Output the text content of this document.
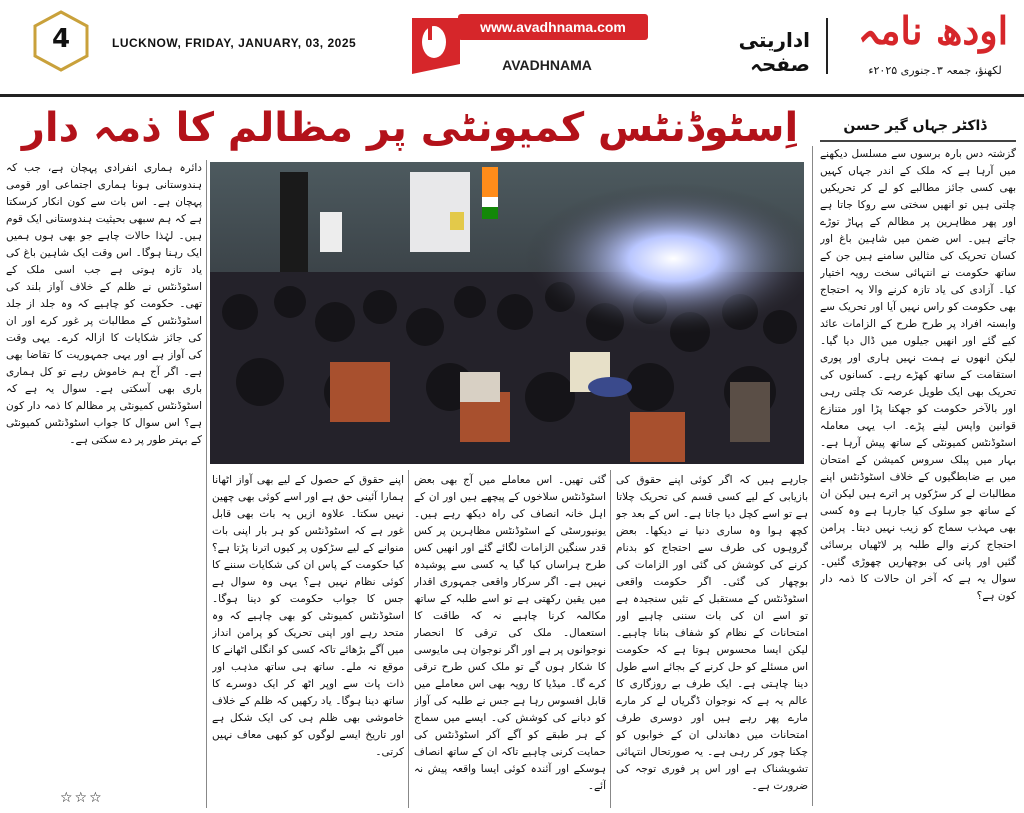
4	LUCKNOW, FRIDAY, JANUARY, 03, 2025
www.avadhnama.com
AVADHNAMA
اداریتی صفحہ
اودھ نامہ
لکھنؤ، جمعہ ۳۔جنوری ۲۰۲۵ء
اِسٹوڈنٹس کمیونٹی پر مظالم کا ذمہ دار	ڈاکٹر جہاں گیر حسن

گزشتہ دس بارہ برسوں سے مسلسل دیکھنے میں آرہا ہے کہ ملک کے اندر جہاں کہیں بھی کسی جائز مطالبے کو لے کر تحریکیں چلتی ہیں تو انھیں سختی سے روکا جاتا ہے اور پھر مظاہرین پر مظالم کے پہاڑ توڑے جاتے ہیں۔ اس ضمن میں شاہین باغ اور کسان تحریک کی مثالیں سامنے ہیں جن کے ساتھ حکومت نے انتہائی سخت رویہ اختیار کیا۔ آزادی کی یاد تازہ کرنے والا یہ احتجاج بھی حکومت کو راس نہیں آیا اور تحریک سے وابستہ افراد پر طرح طرح کے الزامات عائد کیے گئے اور انھیں جیلوں میں ڈال دیا گیا۔ لیکن انھوں نے ہمت نہیں ہاری اور پوری استقامت کے ساتھ کھڑے رہے۔ کسانوں کی تحریک بھی ایک طویل عرصہ تک چلتی رہی اور بالآخر حکومت کو جھکنا پڑا اور متنازع قوانین واپس لینے پڑے۔ اب یہی معاملہ اسٹوڈنٹس کمیونٹی کے ساتھ پیش آرہا ہے۔ بہار میں پبلک سروس کمیشن کے امتحان میں بے ضابطگیوں کے خلاف اسٹوڈنٹس اپنے مطالبات لے کر سڑکوں پر اترے ہیں لیکن ان کے ساتھ جو سلوک کیا جارہا ہے وہ کسی بھی مہذب سماج کو زیب نہیں دیتا۔ پرامن احتجاج کرنے والے طلبہ پر لاٹھیاں برسائی گئیں اور پانی کی بوچھاریں چھوڑی گئیں۔ سوال یہ ہے کہ آخر ان حالات کا ذمہ دار کون ہے؟

جارہے ہیں کہ اگر کوئی اپنے حقوق کی بازیابی کے لیے کسی قسم کی تحریک چلاتا ہے تو اسے کچل دیا جاتا ہے۔ اس کے بعد جو کچھ ہوا وہ ساری دنیا نے دیکھا۔ بعض گروہوں کی طرف سے احتجاج کو بدنام کرنے کی کوشش کی گئی اور الزامات کی بوچھار کی گئی۔ اگر حکومت واقعی اسٹوڈنٹس کے مستقبل کے تئیں سنجیدہ ہے تو اسے ان کی بات سننی چاہیے اور امتحانات کے نظام کو شفاف بنانا چاہیے۔ لیکن ایسا محسوس ہوتا ہے کہ حکومت اس مسئلے کو حل کرنے کے بجائے اسے طول دینا چاہتی ہے۔ ایک طرف بے روزگاری کا عالم یہ ہے کہ نوجوان ڈگریاں لے کر مارے مارے پھر رہے ہیں اور دوسری طرف امتحانات میں دھاندلی ان کے خوابوں کو چکنا چور کر رہی ہے۔ یہ صورتحال انتہائی تشویشناک ہے اور اس پر فوری توجہ کی ضرورت ہے۔

گئی تھیں۔ اس معاملے میں آج بھی بعض اسٹوڈنٹس سلاخوں کے پیچھے ہیں اور ان کے اہل خانہ انصاف کی راہ دیکھ رہے ہیں۔ یونیورسٹی کے اسٹوڈنٹس مظاہرین پر کس قدر سنگین الزامات لگائے گئے اور انھیں کس طرح ہراساں کیا گیا یہ کسی سے پوشیدہ نہیں ہے۔ اگر سرکار واقعی جمہوری اقدار میں یقین رکھتی ہے تو اسے طلبہ کے ساتھ مکالمہ کرنا چاہیے نہ کہ طاقت کا استعمال۔ ملک کی ترقی کا انحصار نوجوانوں پر ہے اور اگر نوجوان ہی مایوسی کا شکار ہوں گے تو ملک کس طرح ترقی کرے گا۔ میڈیا کا رویہ بھی اس معاملے میں قابل افسوس رہا ہے جس نے طلبہ کی آواز کو دبانے کی کوشش کی۔ ایسے میں سماج کے ہر طبقے کو آگے آکر اسٹوڈنٹس کی حمایت کرنی چاہیے تاکہ ان کے ساتھ انصاف ہوسکے اور آئندہ کوئی ایسا واقعہ پیش نہ آئے۔

اپنے حقوق کے حصول کے لیے بھی آواز اٹھانا ہمارا آئینی حق ہے اور اسے کوئی بھی چھین نہیں سکتا۔ علاوہ ازیں یہ بات بھی قابل غور ہے کہ اسٹوڈنٹس کو ہر بار اپنی بات منوانے کے لیے سڑکوں پر کیوں اترنا پڑتا ہے؟ کیا حکومت کے پاس ان کی شکایات سننے کا کوئی نظام نہیں ہے؟ یہی وہ سوال ہے جس کا جواب حکومت کو دینا ہوگا۔ اسٹوڈنٹس کمیونٹی کو بھی چاہیے کہ وہ متحد رہے اور اپنی تحریک کو پرامن انداز میں آگے بڑھائے تاکہ کسی کو انگلی اٹھانے کا موقع نہ ملے۔ ساتھ ہی ساتھ مذہب اور ذات پات سے اوپر اٹھ کر ایک دوسرے کا ساتھ دینا ہوگا۔ یاد رکھیں کہ ظلم کے خلاف خاموشی بھی ظلم ہی کی ایک شکل ہے اور تاریخ ایسے لوگوں کو کبھی معاف نہیں کرتی۔

دائرہ ہماری انفرادی پہچان ہے، جب کہ ہندوستانی ہونا ہماری اجتماعی اور قومی پہچان ہے۔ اس بات سے کون انکار کرسکتا ہے کہ ہم سبھی بحیثیت ہندوستانی ایک قوم ہیں۔ لہٰذا حالات چاہے جو بھی ہوں ہمیں ایک رہنا ہوگا۔ اس وقت ایک شاہین باغ کی یاد تازہ ہوتی ہے جب اسی ملک کے اسٹوڈنٹس نے ظلم کے خلاف آواز بلند کی تھی۔ حکومت کو چاہیے کہ وہ جلد از جلد اسٹوڈنٹس کے مطالبات پر غور کرے اور ان کی جائز شکایات کا ازالہ کرے۔ یہی وقت کی آواز ہے اور یہی جمہوریت کا تقاضا بھی ہے۔ اگر آج ہم خاموش رہے تو کل ہماری باری بھی آسکتی ہے۔ سوال یہ ہے کہ اسٹوڈنٹس کمیونٹی پر مظالم کا ذمہ دار کون ہے؟ اس سوال کا جواب اسٹوڈنٹس کمیونٹی کے بہتر طور پر دے سکتی ہے۔

☆☆☆
